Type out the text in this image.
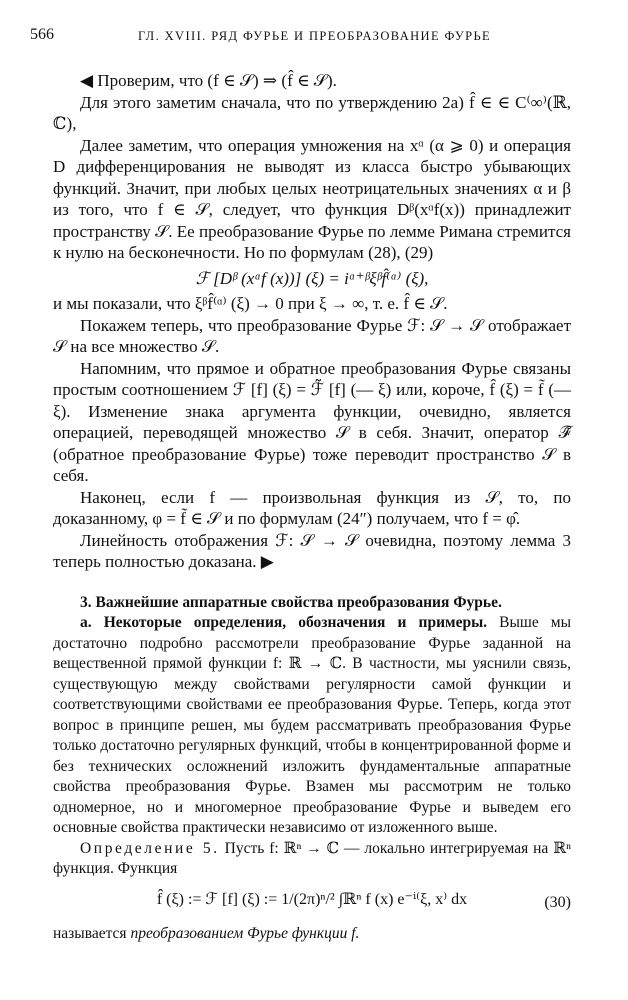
566	ГЛ. XVIII. РЯД ФУРЬЕ И ПРЕОБРАЗОВАНИЕ ФУРЬЕ

◀ Проверим, что (f ∈ 𝒮) ⇒ (f̂ ∈ 𝒮).

Для этого заметим сначала, что по утверждению 2а) f̂ ∈ ∈ C⁽∞⁾(ℝ, ℂ),

Далее заметим, что операция умножения на xᵅ (α ⩾ 0) и операция D дифференцирования не выводят из класса быстро убывающих функций. Значит, при любых целых неотрицательных значениях α и β из того, что f ∈ 𝒮, следует, что функция Dᵝ(xᵅf(x)) принадлежит пространству 𝒮. Ее преобразование Фурье по лемме Римана стремится к нулю на бесконечности. Но по формулам (28), (29)

ℱ [Dᵝ (xᵅf (x))] (ξ) = iᵅ⁺ᵝξᵝf̂⁽ᵅ⁾ (ξ),

и мы показали, что ξᵝf̂⁽ᵅ⁾ (ξ) → 0 при ξ → ∞, т. е. f̂ ∈ 𝒮.

Покажем теперь, что преобразование Фурье ℱ: 𝒮 → 𝒮 отображает 𝒮 на все множество 𝒮.

Напомним, что прямое и обратное преобразования Фурье связаны простым соотношением ℱ [f] (ξ) = ℱ̃ [f] (— ξ) или, короче, f̂ (ξ) = f̃ (— ξ). Изменение знака аргумента функции, очевидно, является операцией, переводящей множество 𝒮 в себя. Значит, оператор ℱ̃ (обратное преобразование Фурье) тоже переводит пространство 𝒮 в себя.

Наконец, если f — произвольная функция из 𝒮, то, по доказанному, φ = f̃ ∈ 𝒮 и по формулам (24″) получаем, что f = φ̂.

Линейность отображения ℱ: 𝒮 → 𝒮 очевидна, поэтому лемма 3 теперь полностью доказана. ▶

3. Важнейшие аппаратные свойства преобразования Фурье.

а. Некоторые определения, обозначения и примеры. Выше мы достаточно подробно рассмотрели преобразование Фурье заданной на вещественной прямой функции f: ℝ → ℂ. В частности, мы уяснили связь, существующую между свойствами регулярности самой функции и соответствующими свойствами ее преобразования Фурье. Теперь, когда этот вопрос в принципе решен, мы будем рассматривать преобразования Фурье только достаточно регулярных функций, чтобы в концентрированной форме и без технических осложнений изложить фундаментальные аппаратные свойства преобразования Фурье. Взамен мы рассмотрим не только одномерное, но и многомерное преобразование Фурье и выведем его основные свойства практически независимо от изложенного выше.

Определение 5. Пусть f: ℝⁿ → ℂ — локально интегрируемая на ℝⁿ функция. Функция

f̂ (ξ) := ℱ [f] (ξ) := 1/(2π)ⁿ/² ∫ℝⁿ f (x) e⁻ⁱ⁽ξ, x⁾ dx	(30)

называется преобразованием Фурье функции f.
